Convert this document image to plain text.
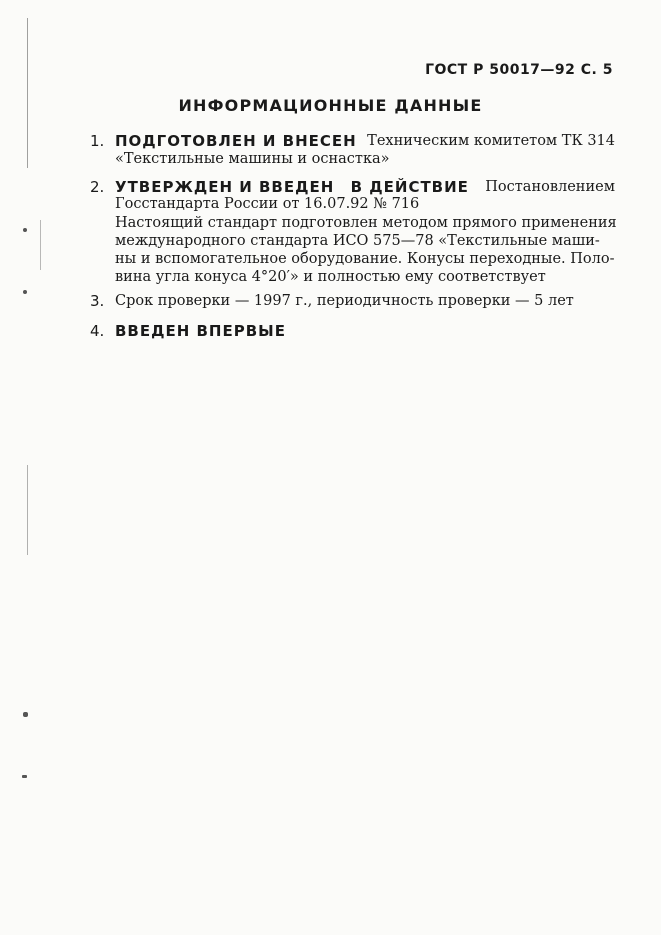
ГОСТ Р 50017—92 С. 5
ИНФОРМАЦИОННЫЕ ДАННЫЕ
1. ПОДГОТОВЛЕН И ВНЕСЕН Техническим комитетом ТК 314
«Текстильные машины и оснастка»
2. УТВЕРЖДЕН И ВВЕДЕН В ДЕЙСТВИЕ Постановлением
Госстандарта России от 16.07.92 № 716
Настоящий стандарт подготовлен методом прямого применения
международного стандарта ИСО 575—78 «Текстильные маши-
ны и вспомогательное оборудование. Конусы переходные. Поло-
вина угла конуса 4°20′» и полностью ему соответствует
3. Срок проверки — 1997 г., периодичность проверки — 5 лет
4. ВВЕДЕН ВПЕРВЫЕ
